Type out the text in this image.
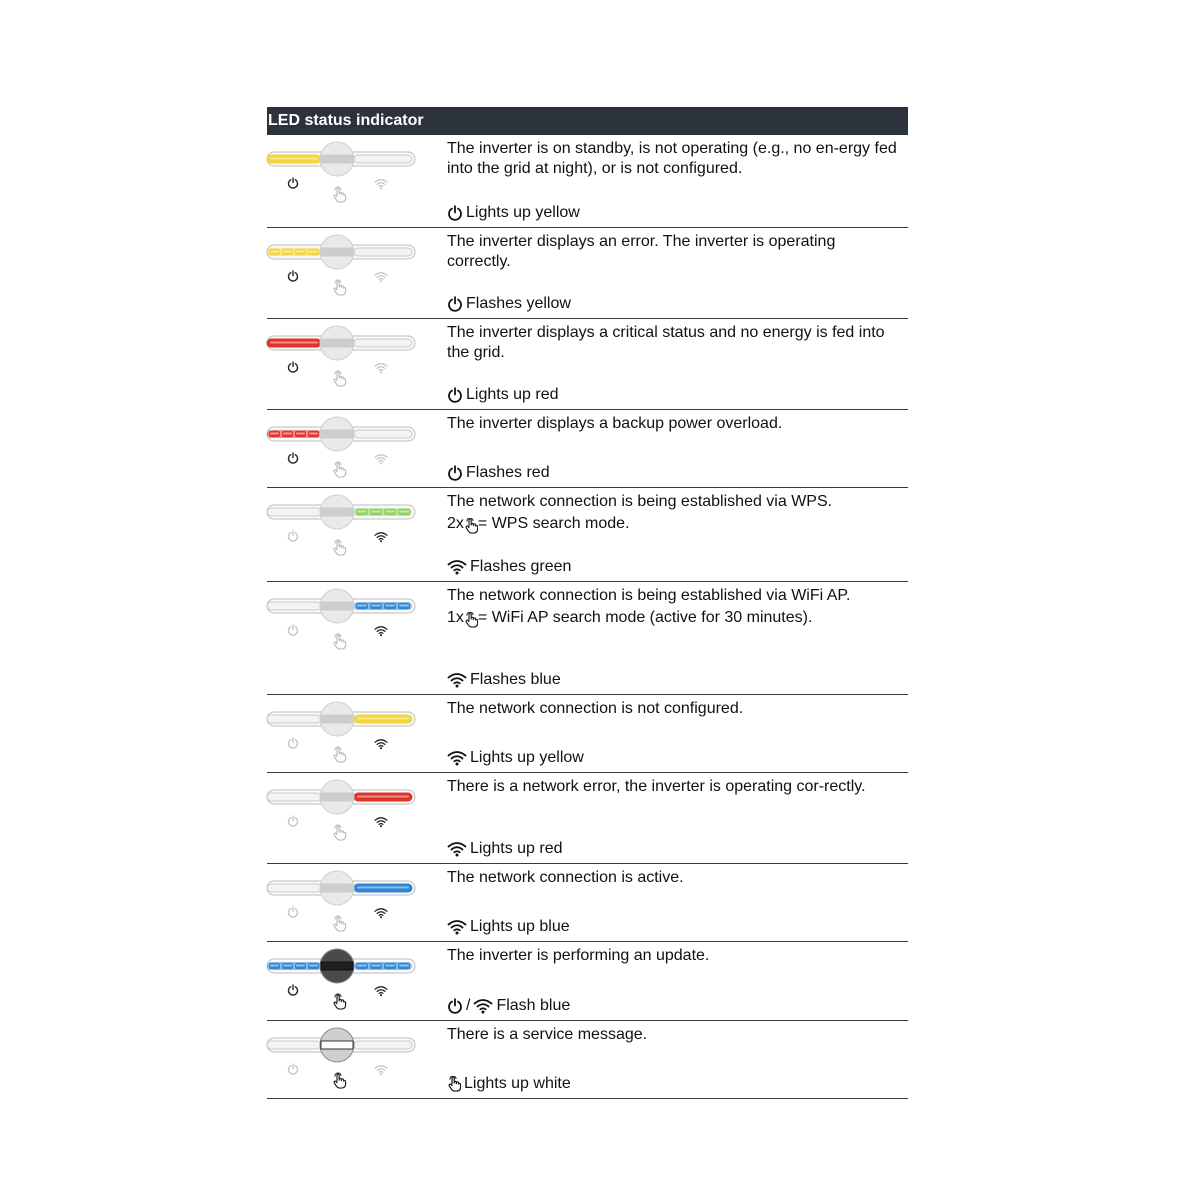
LED status indicator
The inverter is on standby, is not operating (e.g., no en-ergy fed into the grid at night), or is not configured.
Lights up yellow
The inverter displays an error. The inverter is operating correctly.
Flashes yellow
The inverter displays a critical status and no energy is fed into the grid.
Lights up red
The inverter displays a backup power overload.
Flashes red
The network connection is being established via WPS.
2x = WPS search mode.
Flashes green
The network connection is being established via WiFi AP.
1x = WiFi AP search mode (active for 30 minutes).
Flashes blue
The network connection is not configured.
Lights up yellow
There is a network error, the inverter is operating cor-rectly.
Lights up red
The network connection is active.
Lights up blue
The inverter is performing an update.
/ Flash blue
There is a service message.
Lights up white
